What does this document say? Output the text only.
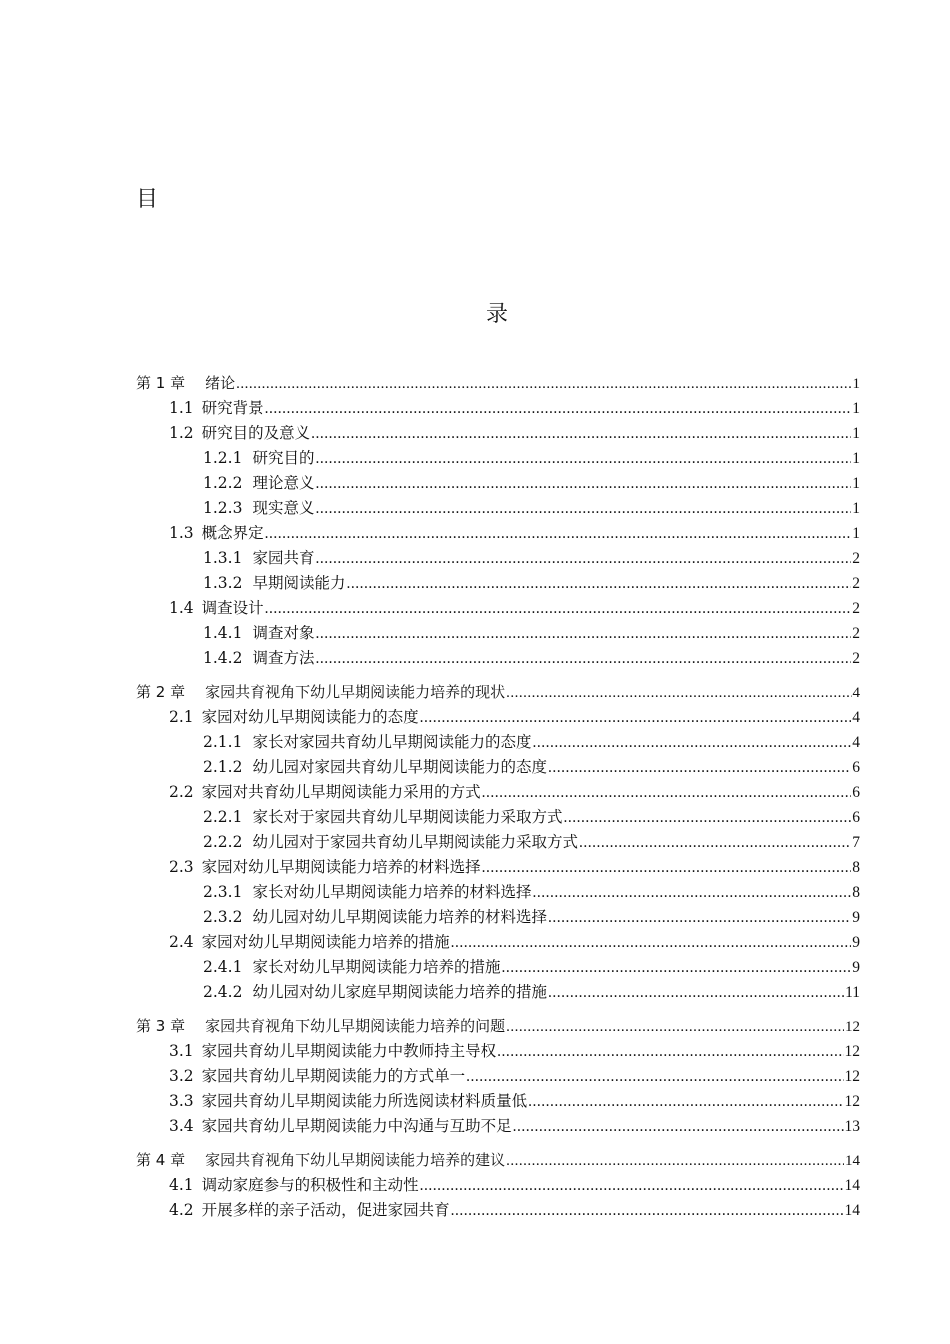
目
录
第 1 章 绪论 .....	1
1.1 研究背景 .....	1
1.2 研究目的及意义 .....	1
1.2.1 研究目的 .....	1
1.2.2 理论意义 .....	1
1.2.3 现实意义 .....	1
1.3 概念界定 .....	1
1.3.1 家园共育 .....	2
1.3.2 早期阅读能力 .....	2
1.4 调查设计 .....	2
1.4.1 调查对象 .....	2
1.4.2 调查方法 .....	2
第 2 章 家园共育视角下幼儿早期阅读能力培养的现状 .....	4
2.1 家园对幼儿早期阅读能力的态度 .....	4
2.1.1 家长对家园共育幼儿早期阅读能力的态度 .....	4
2.1.2 幼儿园对家园共育幼儿早期阅读能力的态度 .....	6
2.2 家园对共育幼儿早期阅读能力采用的方式 .....	6
2.2.1 家长对于家园共育幼儿早期阅读能力采取方式 .....	6
2.2.2 幼儿园对于家园共育幼儿早期阅读能力采取方式 .....	7
2.3 家园对幼儿早期阅读能力培养的材料选择 .....	8
2.3.1 家长对幼儿早期阅读能力培养的材料选择 .....	8
2.3.2 幼儿园对幼儿早期阅读能力培养的材料选择 .....	9
2.4 家园对幼儿早期阅读能力培养的措施 .....	9
2.4.1 家长对幼儿早期阅读能力培养的措施 .....	9
2.4.2 幼儿园对幼儿家庭早期阅读能力培养的措施 .....	11
第 3 章 家园共育视角下幼儿早期阅读能力培养的问题 .....	12
3.1 家园共育幼儿早期阅读能力中教师持主导权 .....	12
3.2 家园共育幼儿早期阅读能力的方式单一 .....	12
3.3 家园共育幼儿早期阅读能力所选阅读材料质量低 .....	12
3.4 家园共育幼儿早期阅读能力中沟通与互助不足 .....	13
第 4 章 家园共育视角下幼儿早期阅读能力培养的建议 .....	14
4.1 调动家庭参与的积极性和主动性 .....	14
4.2 开展多样的亲子活动，促进家园共育 .....	14
